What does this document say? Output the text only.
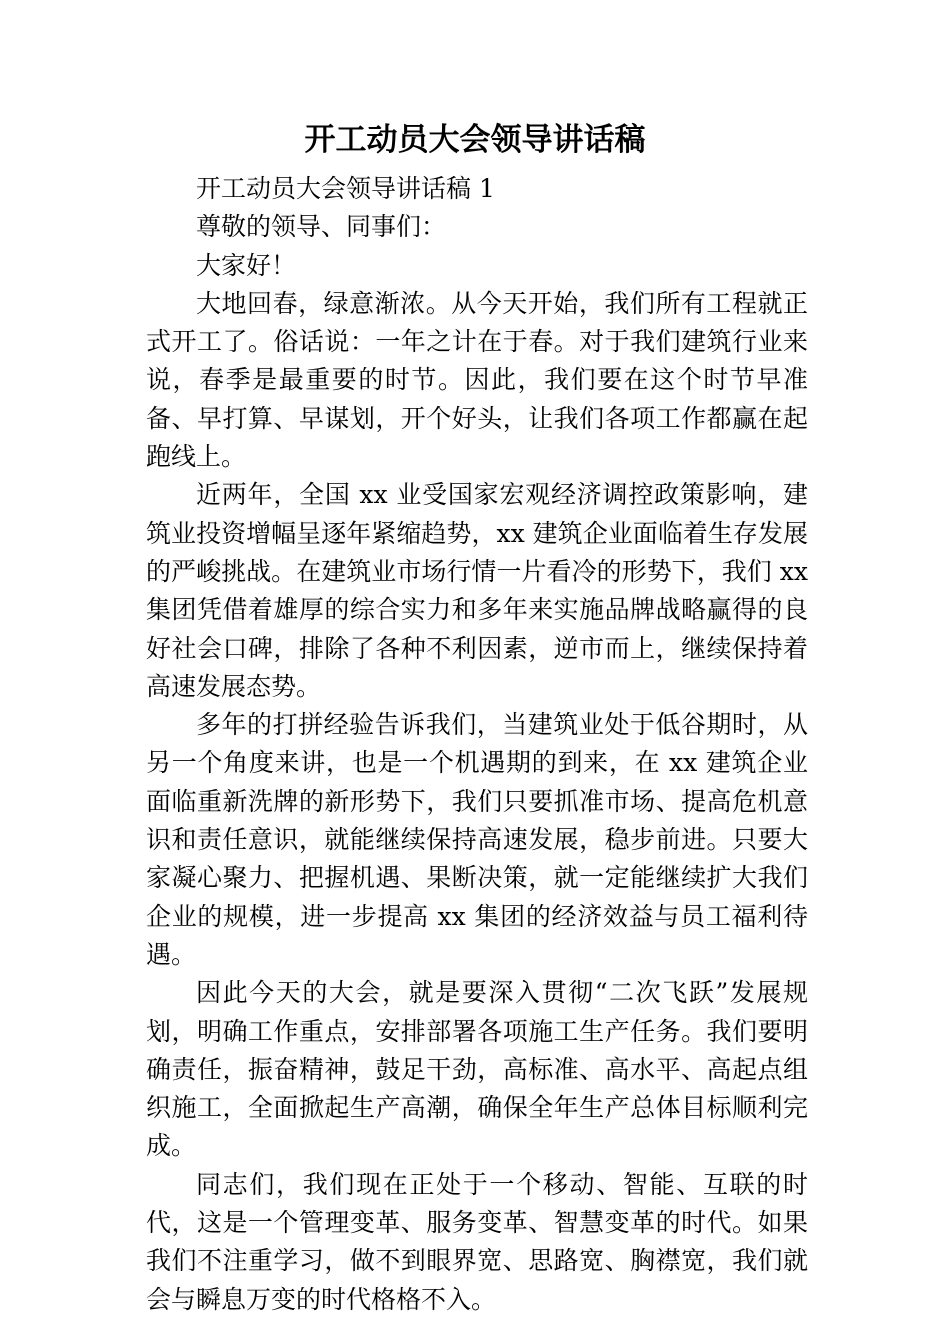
开工动员大会领导讲话稿

开工动员大会领导讲话稿 1

尊敬的领导、同事们：

大家好！

大地回春，绿意渐浓。从今天开始，我们所有工程就正式开工了。俗话说：一年之计在于春。对于我们建筑行业来说，春季是最重要的时节。因此，我们要在这个时节早准备、早打算、早谋划，开个好头，让我们各项工作都赢在起跑线上。

近两年，全国 xx 业受国家宏观经济调控政策影响，建筑业投资增幅呈逐年紧缩趋势，xx 建筑企业面临着生存发展的严峻挑战。在建筑业市场行情一片看冷的形势下，我们 xx 集团凭借着雄厚的综合实力和多年来实施品牌战略赢得的良好社会口碑，排除了各种不利因素，逆市而上，继续保持着高速发展态势。

多年的打拼经验告诉我们，当建筑业处于低谷期时，从另一个角度来讲，也是一个机遇期的到来，在 xx 建筑企业面临重新洗牌的新形势下，我们只要抓准市场、提高危机意识和责任意识，就能继续保持高速发展，稳步前进。只要大家凝心聚力、把握机遇、果断决策，就一定能继续扩大我们企业的规模，进一步提高 xx 集团的经济效益与员工福利待遇。

因此今天的大会，就是要深入贯彻“二次飞跃”发展规划，明确工作重点，安排部署各项施工生产任务。我们要明确责任，振奋精神，鼓足干劲，高标准、高水平、高起点组织施工，全面掀起生产高潮，确保全年生产总体目标顺利完成。

同志们，我们现在正处于一个移动、智能、互联的时代，这是一个管理变革、服务变革、智慧变革的时代。如果我们不注重学习，做不到眼界宽、思路宽、胸襟宽，我们就会与瞬息万变的时代格格不入。
